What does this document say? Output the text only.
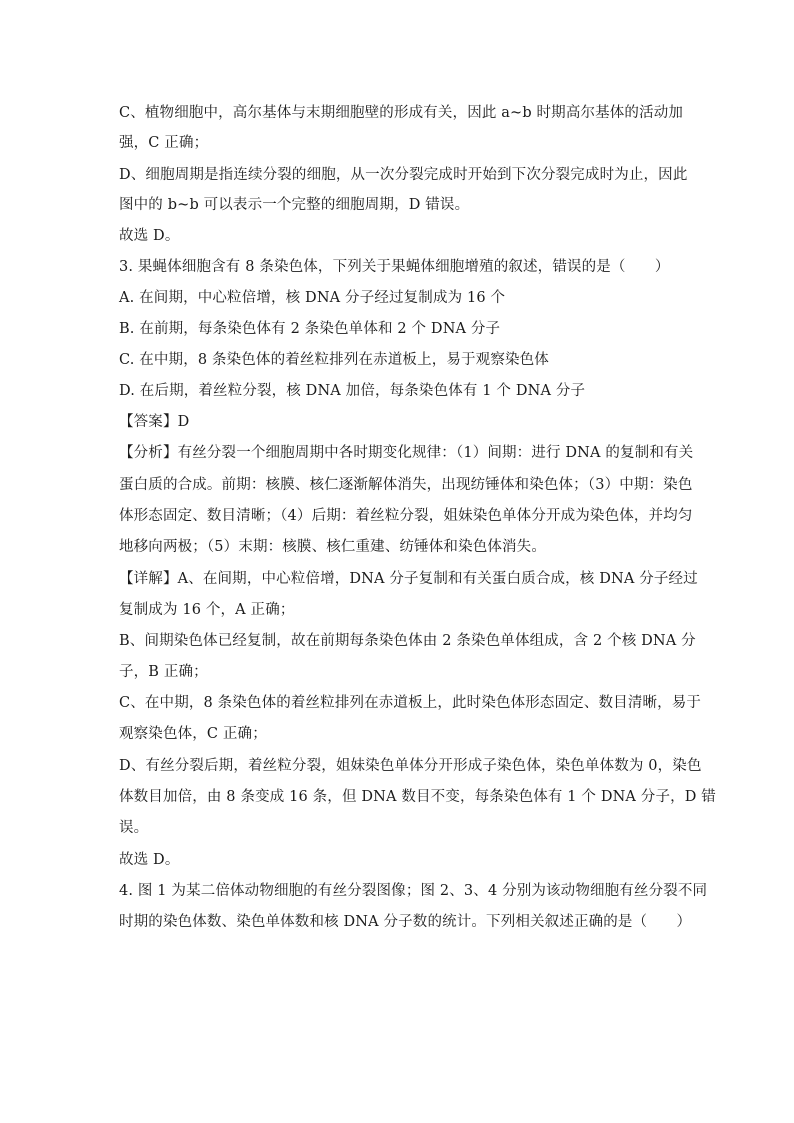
C、植物细胞中，高尔基体与末期细胞壁的形成有关，因此 a~b 时期高尔基体的活动加
强，C 正确；
D、细胞周期是指连续分裂的细胞，从一次分裂完成时开始到下次分裂完成时为止，因此
图中的 b~b 可以表示一个完整的细胞周期，D 错误。
故选 D。
3. 果蝇体细胞含有 8 条染色体，下列关于果蝇体细胞增殖的叙述，错误的是（　　）
A. 在间期，中心粒倍增，核 DNA 分子经过复制成为 16 个
B. 在前期，每条染色体有 2 条染色单体和 2 个 DNA 分子
C. 在中期，8 条染色体的着丝粒排列在赤道板上，易于观察染色体
D. 在后期，着丝粒分裂，核 DNA 加倍，每条染色体有 1 个 DNA 分子
【答案】D
【分析】有丝分裂一个细胞周期中各时期变化规律：（1）间期：进行 DNA 的复制和有关
蛋白质的合成。前期：核膜、核仁逐渐解体消失，出现纺锤体和染色体；（3）中期：染色
体形态固定、数目清晰；（4）后期：着丝粒分裂，姐妹染色单体分开成为染色体，并均匀
地移向两极；（5）末期：核膜、核仁重建、纺锤体和染色体消失。
【详解】A、在间期，中心粒倍增，DNA 分子复制和有关蛋白质合成，核 DNA 分子经过
复制成为 16 个，A 正确；
B、间期染色体已经复制，故在前期每条染色体由 2 条染色单体组成，含 2 个核 DNA 分
子，B 正确；
C、在中期，8 条染色体的着丝粒排列在赤道板上，此时染色体形态固定、数目清晰，易于
观察染色体，C 正确；
D、有丝分裂后期，着丝粒分裂，姐妹染色单体分开形成子染色体，染色单体数为 0，染色
体数目加倍，由 8 条变成 16 条，但 DNA 数目不变，每条染色体有 1 个 DNA 分子，D 错
误。
故选 D。
4. 图 1 为某二倍体动物细胞的有丝分裂图像；图 2、3、4 分别为该动物细胞有丝分裂不同
时期的染色体数、染色单体数和核 DNA 分子数的统计。下列相关叙述正确的是（　　）
